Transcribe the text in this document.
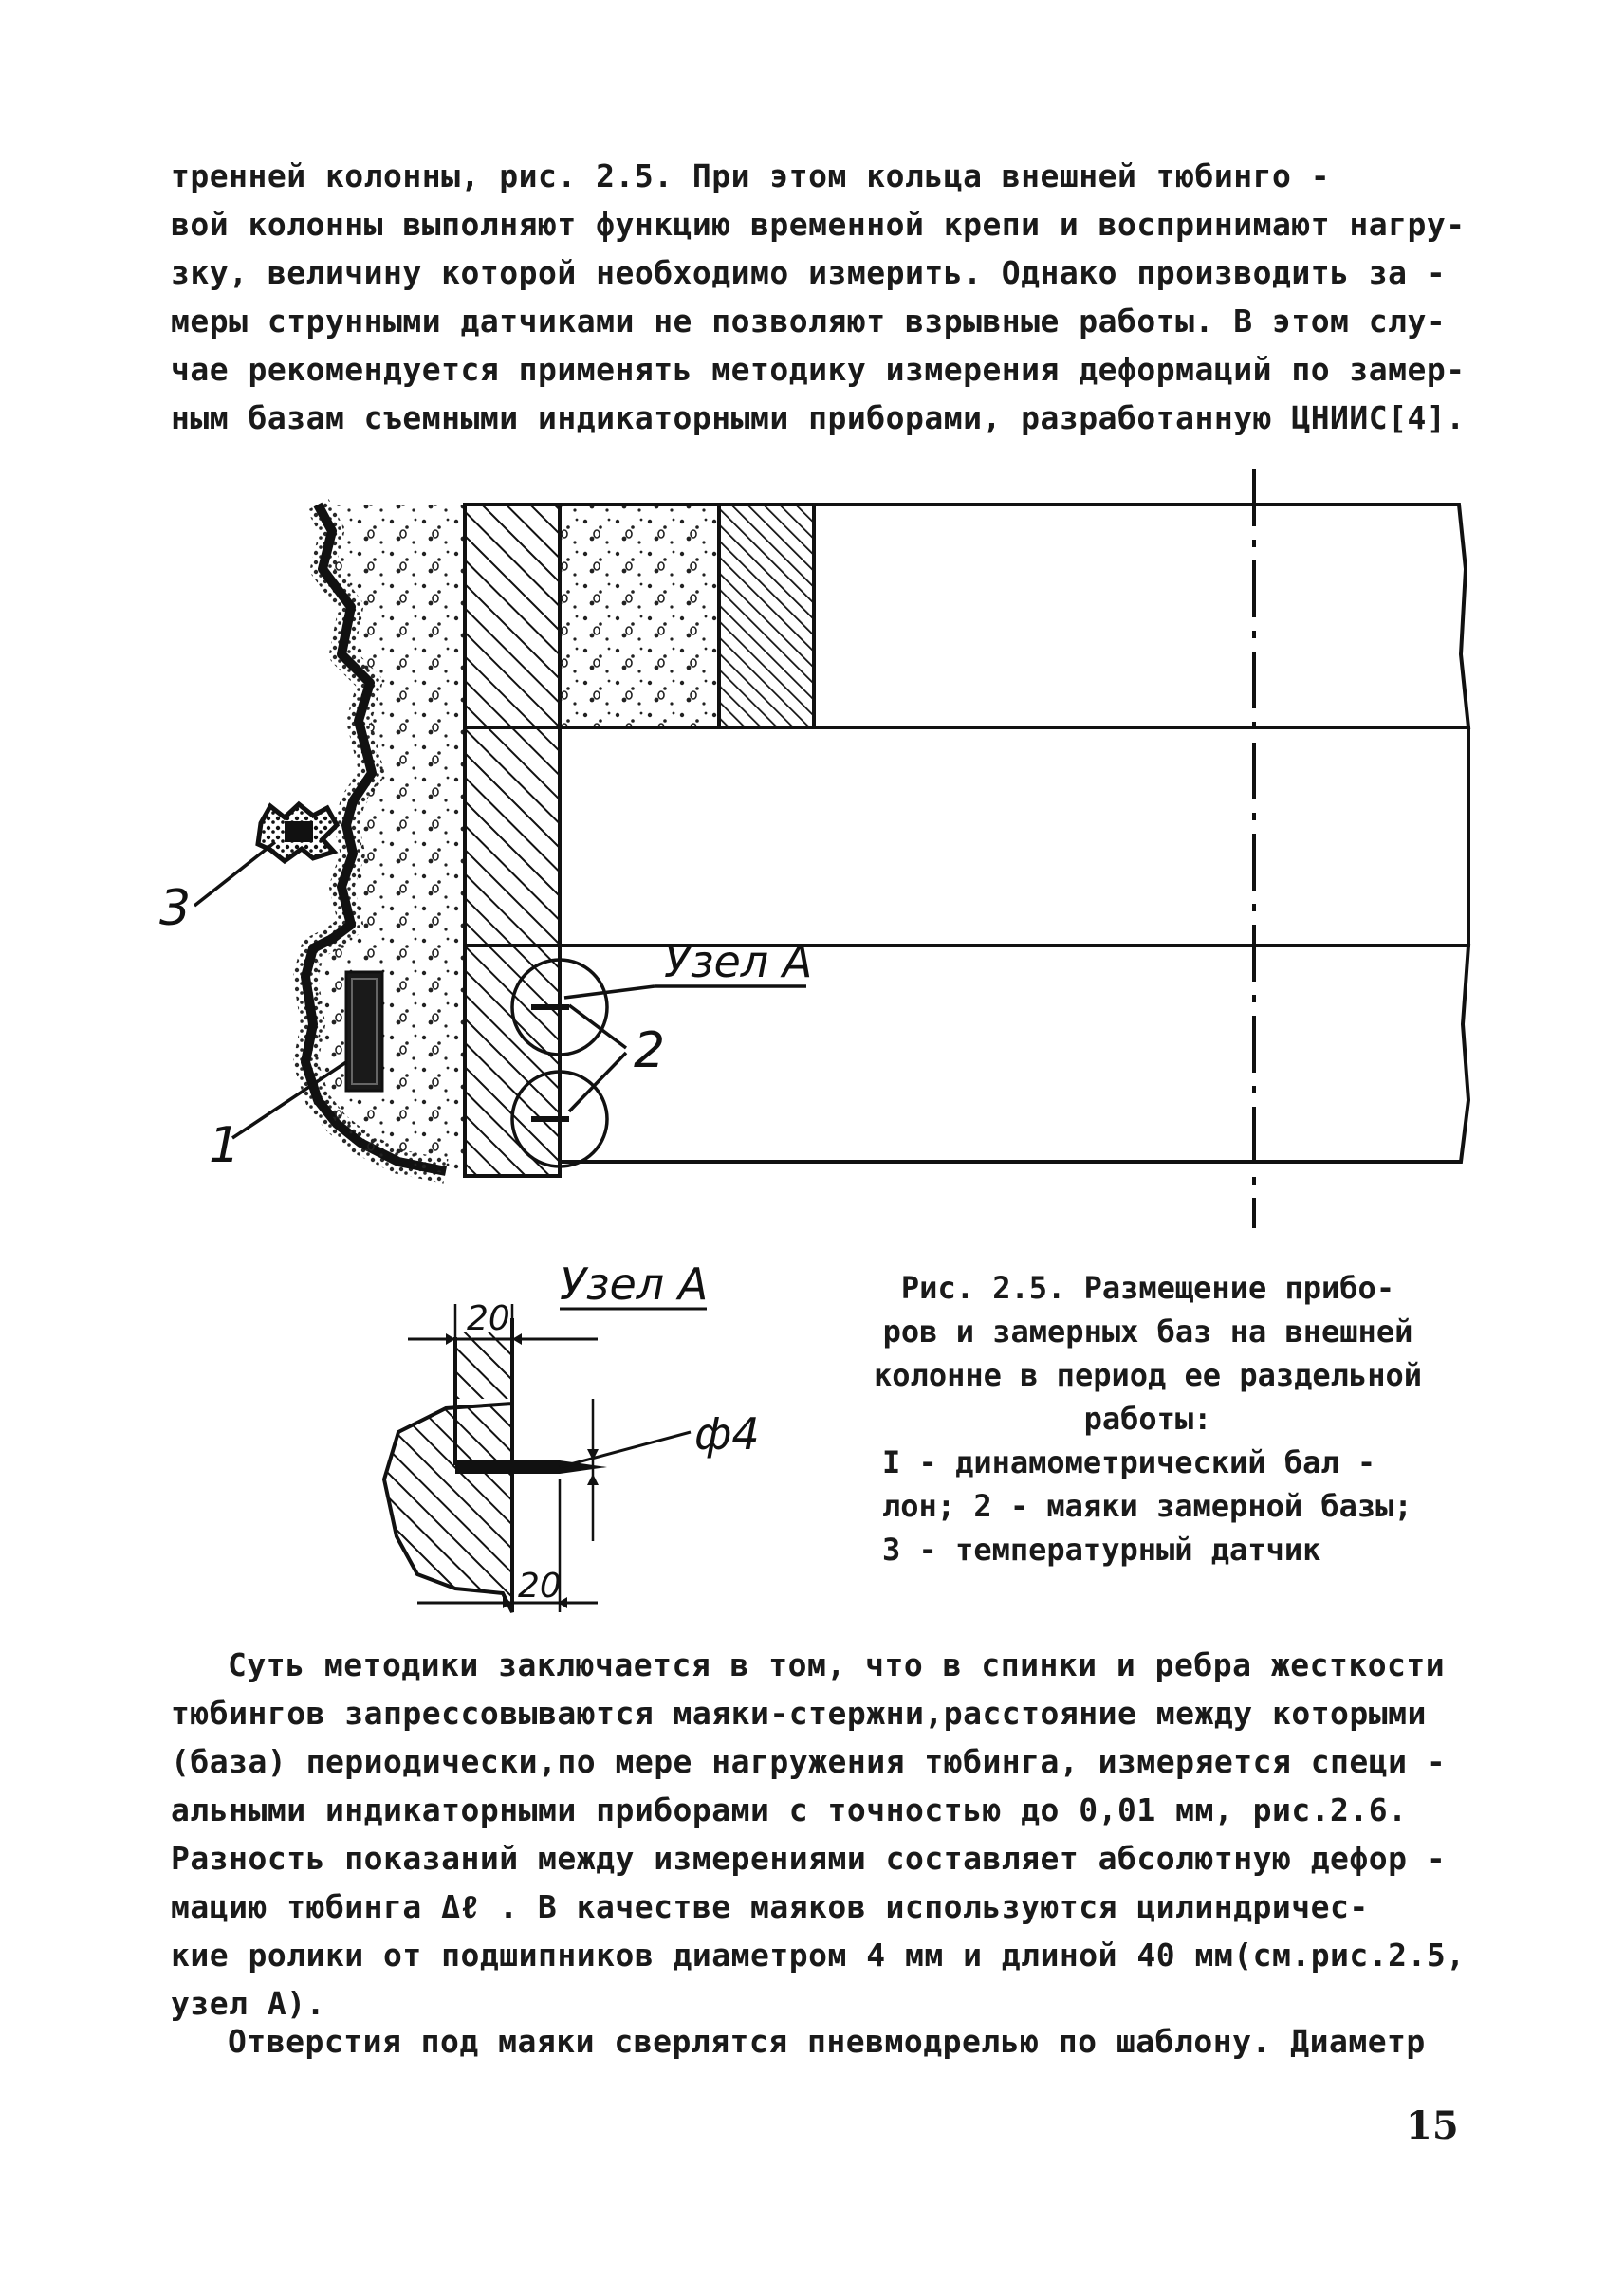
тренней колонны, рис. 2.5. При этом кольца внешней тюбинго -
вой колонны выполняют функцию временной крепи и воспринимают нагру-
зку, величину которой необходимо измерить. Однако производить за -
меры струнными датчиками не позволяют взрывные работы. В этом слу-
чае рекомендуется применять методику измерения деформаций по замер-
ным базам съемными индикаторными приборами, разработанную ЦНИИС[4].
3
1
2
Узел А
Узел А
20
20
ф4
Рис. 2.5. Размещение прибо-
ров и замерных баз на внешней
колонне в период ее раздельной
работы:
I - динамометрический бал -
лон; 2 - маяки замерной базы;
3 - температурный датчик
Суть методики заключается в том, что в спинки и ребра жесткости
тюбингов запрессовываются маяки-стержни,расстояние между которыми
(база) периодически,по мере нагружения тюбинга, измеряется специ -
альными индикаторными приборами с точностью до 0,01 мм, рис.2.6.
Разность показаний между измерениями составляет абсолютную дефор -
мацию тюбинга Δℓ . В качестве маяков используются цилиндричес-
кие ролики от подшипников диаметром 4 мм и длиной 40 мм(см.рис.2.5,
узел А).
Отверстия под маяки сверлятся пневмодрелью по шаблону. Диаметр
15
